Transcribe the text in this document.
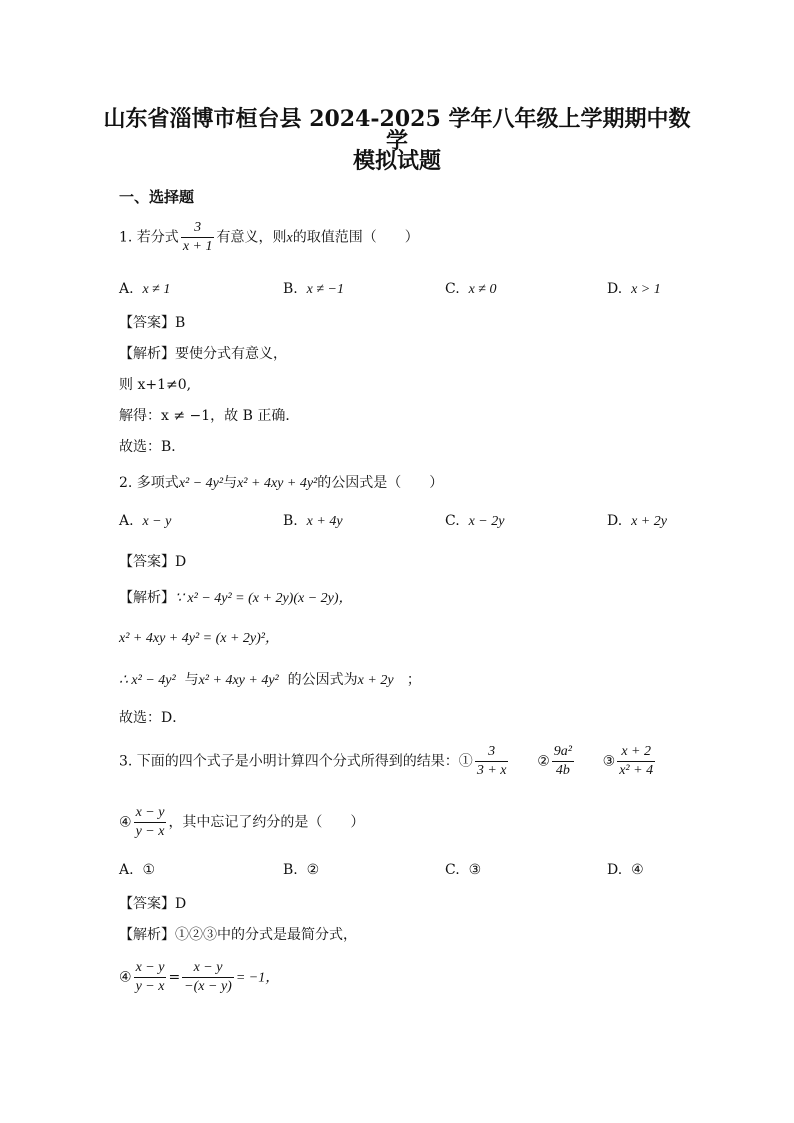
山东省淄博市桓台县 2024-2025 学年八年级上学期期中数学
模拟试题
一、选择题
1. 若分式 $\frac{3}{x + 1}$ 有意义，则x的取值范围（　　）
A. x ≠ 1	B. x ≠ −1	C. x ≠ 0	D. x > 1
【答案】B
【解析】要使分式有意义，
则 x+1≠0,
解得：x ≠ −1，故 B 正确．
故选：B．
2. 多项式x² − 4y²与x² + 4xy + 4y²的公因式是（　　）
A. x − y	B. x + 4y	C. x − 2y	D. x + 2y
【答案】D
【解析】∵ x² − 4y² = (x + 2y)(x − 2y)，
x² + 4xy + 4y² = (x + 2y)²，
∴ x² − 4y² 与x² + 4xy + 4y² 的公因式为x + 2y ；
故选：D．
3. 下面的四个式子是小明计算四个分式所得到的结果：① $\frac{3}{3 + x}$ ② $\frac{\text{9a²}}{4b}$ ③ $\frac{x + 2}{\text{x² + 4}}$
④ $\frac{x - y}{y - x}$ ，其中忘记了约分的是（　　）
A. ①	B. ②	C. ③	D. ④
【答案】D
【解析】①②③中的分式是最简分式，
④ $\frac{x - y}{y - x} = \frac{x - y}{-(x - y)} = -1$，
